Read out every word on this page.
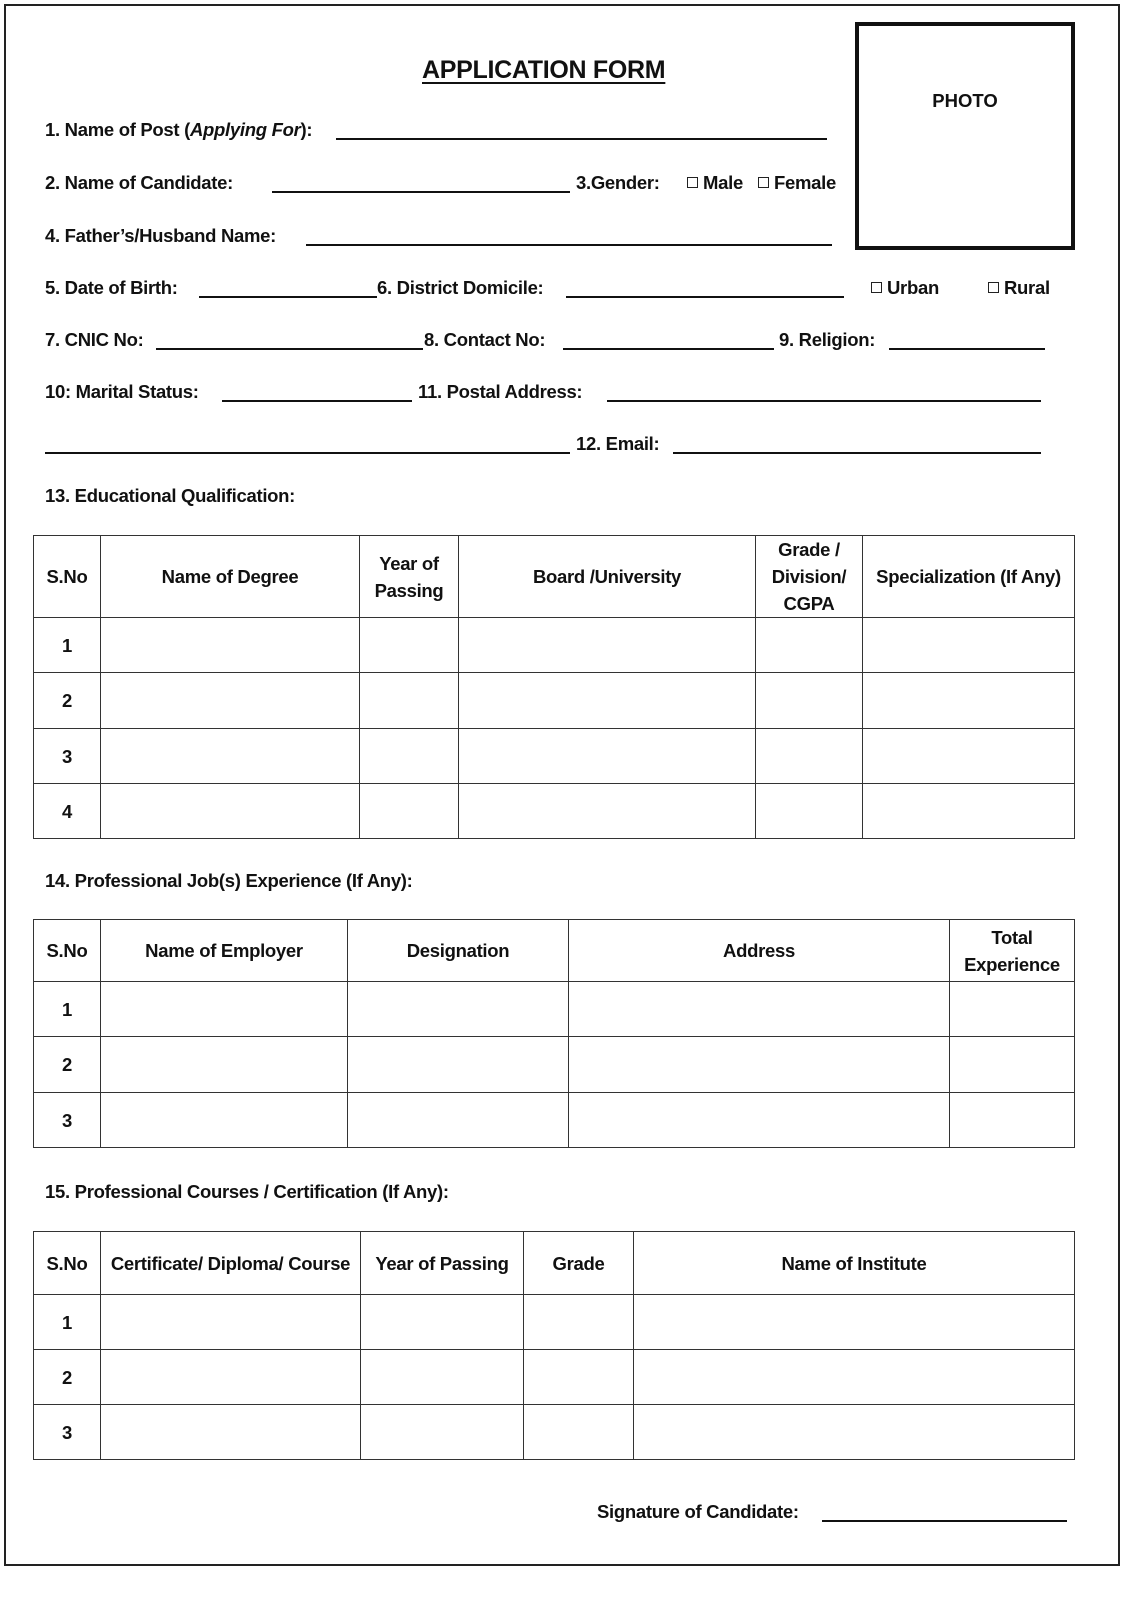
APPLICATION FORM
PHOTO
1. Name of Post (Applying For):
2. Name of Candidate:	3.Gender:	Male	Female
4. Father’s/Husband Name:
5. Date of Birth:	6. District Domicile:	Urban	Rural
7. CNIC No:	8. Contact No:	9. Religion:
10: Marital Status:	11. Postal Address:
12. Email:
13. Educational Qualification:
S.No	Name of Degree	Year of Passing	Board /University	Grade / Division/ CGPA	Specialization (If Any)
1					
2					
3					
4					
14. Professional Job(s) Experience (If Any):
S.No	Name of Employer	Designation	Address	Total Experience
1				
2				
3				
15. Professional Courses / Certification (If Any):
S.No	Certificate/ Diploma/ Course	Year of Passing	Grade	Name of Institute
1				
2				
3				
Signature of Candidate:
